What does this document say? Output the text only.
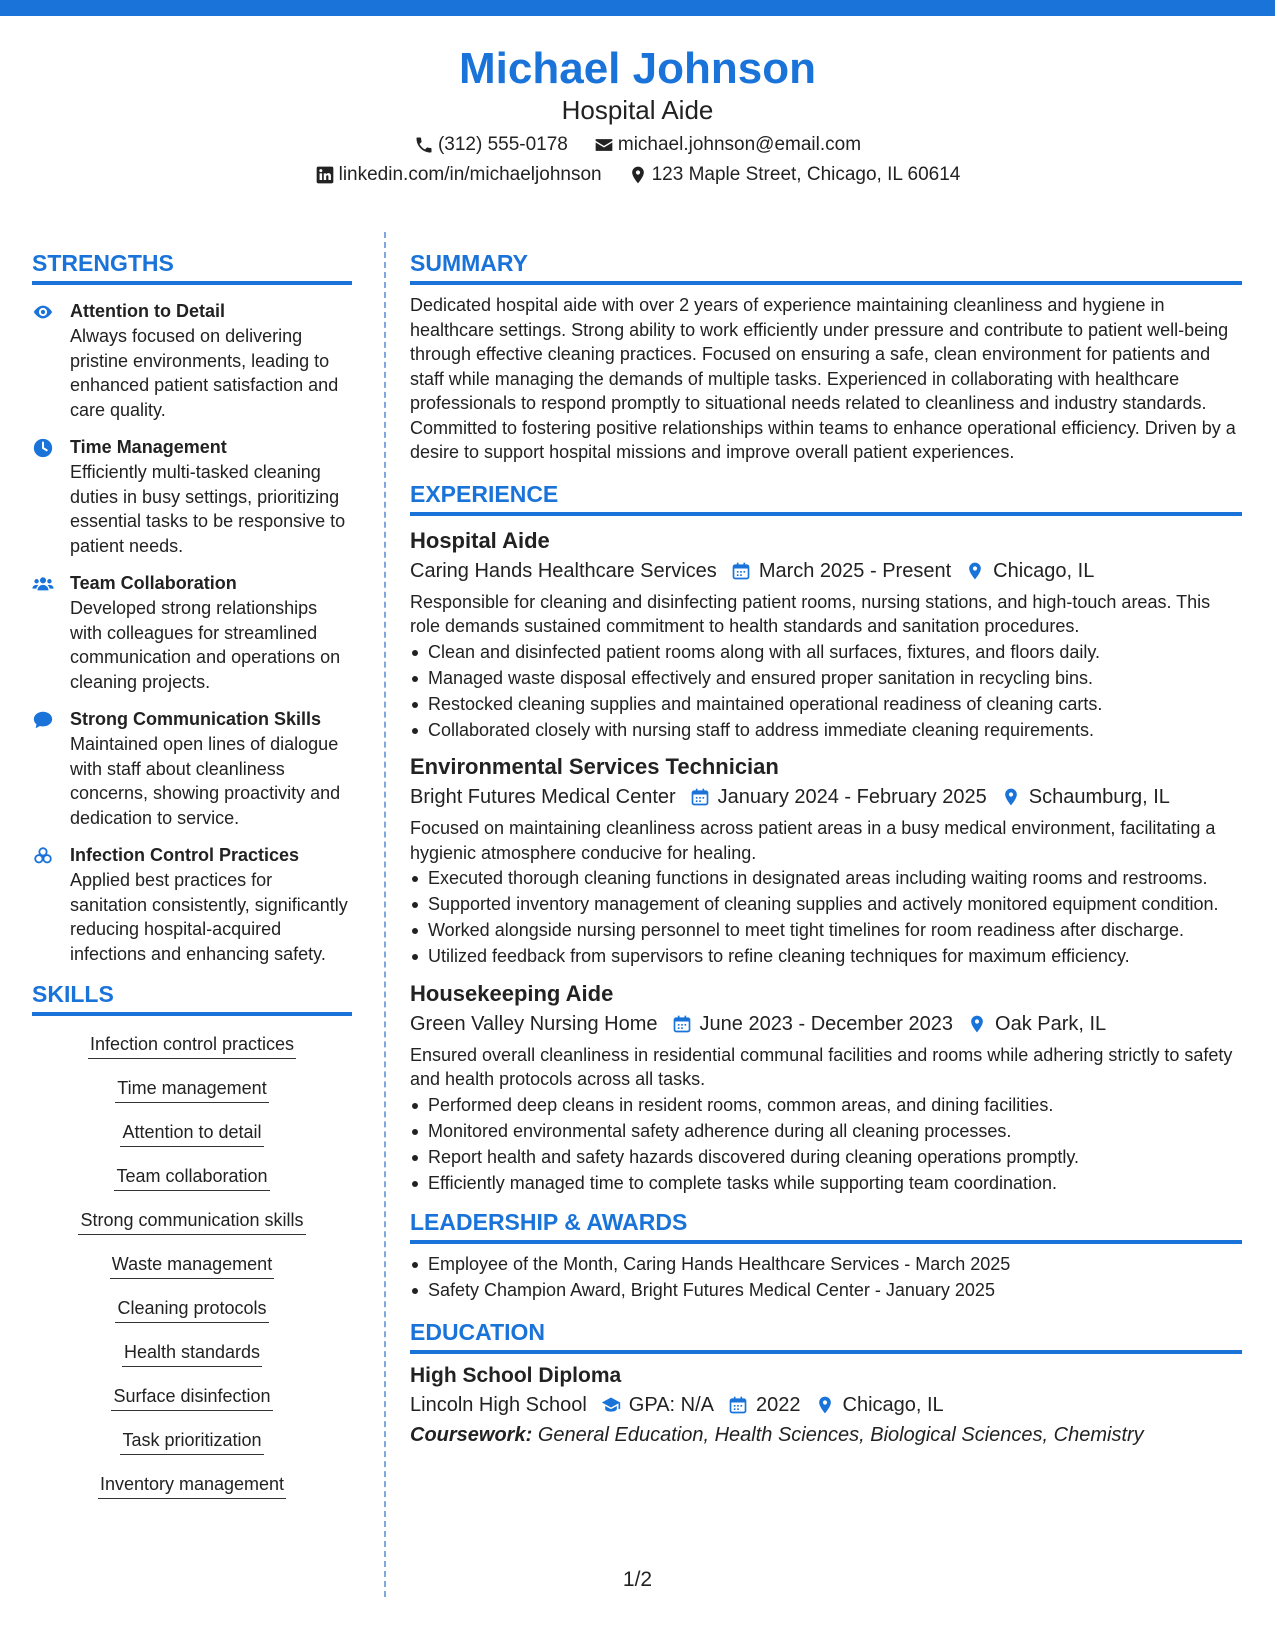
Michael Johnson
Hospital Aide
(312) 555-0178	michael.johnson@email.com
linkedin.com/in/michaeljohnson	123 Maple Street, Chicago, IL 60614
STRENGTHS
Attention to Detail
Always focused on delivering pristine environments, leading to enhanced patient satisfaction and care quality.
Time Management
Efficiently multi-tasked cleaning duties in busy settings, prioritizing essential tasks to be responsive to patient needs.
Team Collaboration
Developed strong relationships with colleagues for streamlined communication and operations on cleaning projects.
Strong Communication Skills
Maintained open lines of dialogue with staff about cleanliness concerns, showing proactivity and dedication to service.
Infection Control Practices
Applied best practices for sanitation consistently, significantly reducing hospital-acquired infections and enhancing safety.
SKILLS
Infection control practices
Time management
Attention to detail
Team collaboration
Strong communication skills
Waste management
Cleaning protocols
Health standards
Surface disinfection
Task prioritization
Inventory management
SUMMARY
Dedicated hospital aide with over 2 years of experience maintaining cleanliness and hygiene in healthcare settings. Strong ability to work efficiently under pressure and contribute to patient well-being through effective cleaning practices. Focused on ensuring a safe, clean environment for patients and staff while managing the demands of multiple tasks. Experienced in collaborating with healthcare professionals to respond promptly to situational needs related to cleanliness and industry standards. Committed to fostering positive relationships within teams to enhance operational efficiency. Driven by a desire to support hospital missions and improve overall patient experiences.
EXPERIENCE
Hospital Aide
Caring Hands Healthcare Services March 2025 - Present Chicago, IL
Responsible for cleaning and disinfecting patient rooms, nursing stations, and high-touch areas. This role demands sustained commitment to health standards and sanitation procedures.
Clean and disinfected patient rooms along with all surfaces, fixtures, and floors daily.
Managed waste disposal effectively and ensured proper sanitation in recycling bins.
Restocked cleaning supplies and maintained operational readiness of cleaning carts.
Collaborated closely with nursing staff to address immediate cleaning requirements.
Environmental Services Technician
Bright Futures Medical Center January 2024 - February 2025 Schaumburg, IL
Focused on maintaining cleanliness across patient areas in a busy medical environment, facilitating a hygienic atmosphere conducive for healing.
Executed thorough cleaning functions in designated areas including waiting rooms and restrooms.
Supported inventory management of cleaning supplies and actively monitored equipment condition.
Worked alongside nursing personnel to meet tight timelines for room readiness after discharge.
Utilized feedback from supervisors to refine cleaning techniques for maximum efficiency.
Housekeeping Aide
Green Valley Nursing Home June 2023 - December 2023 Oak Park, IL
Ensured overall cleanliness in residential communal facilities and rooms while adhering strictly to safety and health protocols across all tasks.
Performed deep cleans in resident rooms, common areas, and dining facilities.
Monitored environmental safety adherence during all cleaning processes.
Report health and safety hazards discovered during cleaning operations promptly.
Efficiently managed time to complete tasks while supporting team coordination.
LEADERSHIP & AWARDS
Employee of the Month, Caring Hands Healthcare Services - March 2025
Safety Champion Award, Bright Futures Medical Center - January 2025
EDUCATION
High School Diploma
Lincoln High School GPA: N/A 2022 Chicago, IL
Coursework: General Education, Health Sciences, Biological Sciences, Chemistry
1/2
